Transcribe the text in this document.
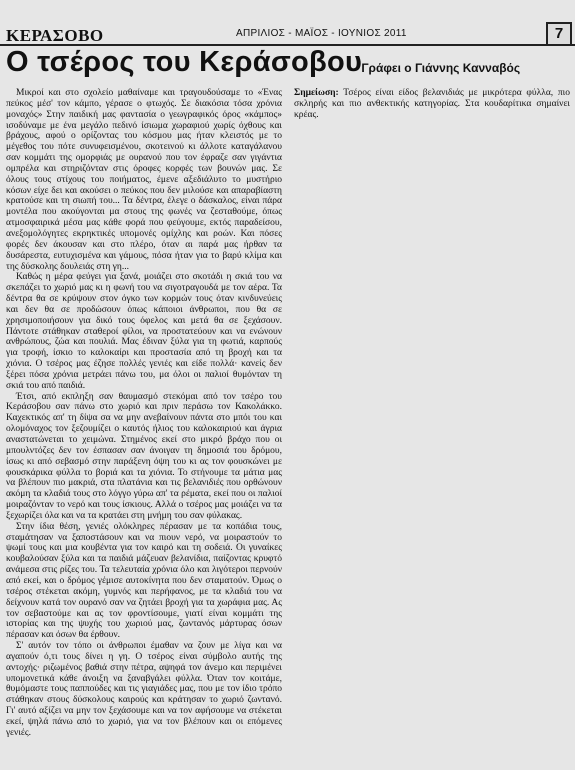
ΚΕΡΑΣΟΒΟ	ΑΠΡΙΛΙΟΣ - ΜΑΪΟΣ - ΙΟΥΝΙΟΣ 2011	7
Ο τσέρος του Κεράσοβου
- Γράφει ο Γιάννης Κανναβός

Μικροί και στο σχολείο μαθαίναμε και τραγουδούσαμε το «Ένας πεύκος μέσ' τον κάμπο, γέρασε ο φτωχός. Σε διακόσια τόσα χρόνια μοναχός» Στην παιδική μας φαντασία ο γεωγραφικός όρος «κάμπος» ισοδύναμε με ένα μεγάλο πεδινό ίσιωμα χωραφιού χωρίς όχθους και βράχους, αφού ο ορίζοντας του κόσμου μας ήταν κλειστός με το μέγεθος του πότε συνυφεισμένου, σκοτεινού κι άλλοτε καταγάλανου σαν κομμάτι της ομορφιάς με ουρανού που τον έφραζε σαν γιγάντια ομπρέλα και στηριζόνταν στις όροφες κορφές των βουνών μας. Σε όλους τους στίχους του ποιήματος, έμενε αξεδιάλυτο το μυστήριο κόσων είχε δει και ακούσει ο πεύκος που δεν μιλούσε και απαραβίαστη κρατούσε και τη σιωπή του... Τα δέντρα, έλεγε ο δάσκαλος, είναι πάρα μοντέλα που ακούγονται μα στους της φωνές να ζεσταθούμε, όπως ατμοσφαιρικά μέσα μας κάθε φορά που φεύγουμε, εκτός παραδείσου, ανεξομολόγητες εκρηκτικές υπομονές ομίχλης και ροών. Και πόσες φορές δεν άκουσαν και στο πλέρο, όταν αι παρά μας ήρθαν τα δυσάρεστα, ευτυχισμένα και γάμους, πόσα ήταν για το βαρύ κλίμα και της δύσκολης δουλειάς στη γη...

Καθώς η μέρα φεύγει για ξανά, μοιάζει στο σκοτάδι η σκιά του να σκεπάζει το χωριό μας κι η φωνή του να σιγοτραγουδά με τον αέρα. Τα δέντρα θα σε κρύψουν στον όγκο των κορμών τους όταν κινδυνεύεις και δεν θα σε προδώσουν όπως κάποιοι άνθρωποι, που θα σε χρησιμοποιήσουν για δικό τους όφελος και μετά θα σε ξεχάσουν. Πάντοτε στάθηκαν σταθεροί φίλοι, να προστατεύουν και να ενώνουν ανθρώπους, ζώα και πουλιά. Μας έδιναν ξύλα για τη φωτιά, καρπούς για τροφή, ίσκιο το καλοκαίρι και προστασία από τη βροχή και τα χιόνια. Ο τσέρος μας έζησε πολλές γενιές και είδε πολλά· κανείς δεν ξέρει πόσα χρόνια μετράει πάνω του, μα όλοι οι παλιοί θυμόνταν τη σκιά του από παιδιά.

Έτσι, από εκπληξη σαν θαυμασμό στεκόμαι από τον τσέρο του Κεράσοβου σαν πάνω στο χωριό και πριν περάσω τον Κακολάκκο. Καχεκτικός απ' τη δίψα σα να μην ανεβαίνουν πάντα στο μπόι του και ολομόναχος τον ξεζουμίζει ο καυτός ήλιος του καλοκαιριού και άγρια αναστατώνεται το χειμώνα. Στημένος εκεί στο μικρό βράχο που οι μπουλντόζες δεν τον έσπασαν σαν άνοιγαν τη δημοσιά του δρόμου, ίσως κι από σεβασμό στην παράξενη όψη του κι ας τον φουσκώνει με φουσκάρικα φύλλα το βοριά και τα χιόνια. Το στήνουμε τα μάτια μας να βλέπουν πιο μακριά, στα πλατάνια και τις βελανιδιές που ορθώνουν ακόμη τα κλαδιά τους στο λόγγο γύρω απ' τα ρέματα, εκεί που οι παλιοί μοιραζόνταν το νερό και τους ίσκιους. Αλλά ο τσέρος μας μοιάζει να τα ξεχωρίζει όλα και να τα κρατάει στη μνήμη του σαν φύλακας.

Στην ίδια θέση, γενιές ολόκληρες πέρασαν με τα κοπάδια τους, σταμάτησαν να ξαποστάσουν και να πιουν νερό, να μοιραστούν το ψωμί τους και μια κουβέντα για τον καιρό και τη σοδειά. Οι γυναίκες κουβαλούσαν ξύλα και τα παιδιά μάζευαν βελανίδια, παίζοντας κρυφτό ανάμεσα στις ρίζες του. Τα τελευταία χρόνια όλο και λιγότεροι περνούν από εκεί, και ο δρόμος γέμισε αυτοκίνητα που δεν σταματούν. Όμως ο τσέρος στέκεται ακόμη, γυμνός και περήφανος, με τα κλαδιά του να δείχνουν κατά τον ουρανό σαν να ζητάει βροχή για τα χωράφια μας. Ας τον σεβαστούμε και ας τον φροντίσουμε, γιατί είναι κομμάτι της ιστορίας και της ψυχής του χωριού μας, ζωντανός μάρτυρας όσων πέρασαν και όσων θα έρθουν.

Σ' αυτόν τον τόπο οι άνθρωποι έμαθαν να ζουν με λίγα και να αγαπούν ό,τι τους δίνει η γη. Ο τσέρος είναι σύμβολο αυτής της αντοχής· ριζωμένος βαθιά στην πέτρα, αψηφά τον άνεμο και περιμένει υπομονετικά κάθε άνοιξη να ξαναβγάλει φύλλα. Όταν τον κοιτάμε, θυμόμαστε τους παππούδες και τις γιαγιάδες μας, που με τον ίδιο τρόπο στάθηκαν στους δύσκολους καιρούς και κράτησαν το χωριό ζωντανό. Γι' αυτό αξίζει να μην τον ξεχάσουμε και να τον αφήσουμε να στέκεται εκεί, ψηλά πάνω από το χωριό, για να τον βλέπουν και οι επόμενες γενιές.

Σημείωση: Τσέρος είναι είδος βελανιδιάς με μικρότερα φύλλα, πιο σκληρής και πιο ανθεκτικής κατηγορίας. Στα κουδαρίτικα σημαίνει κρέας.
